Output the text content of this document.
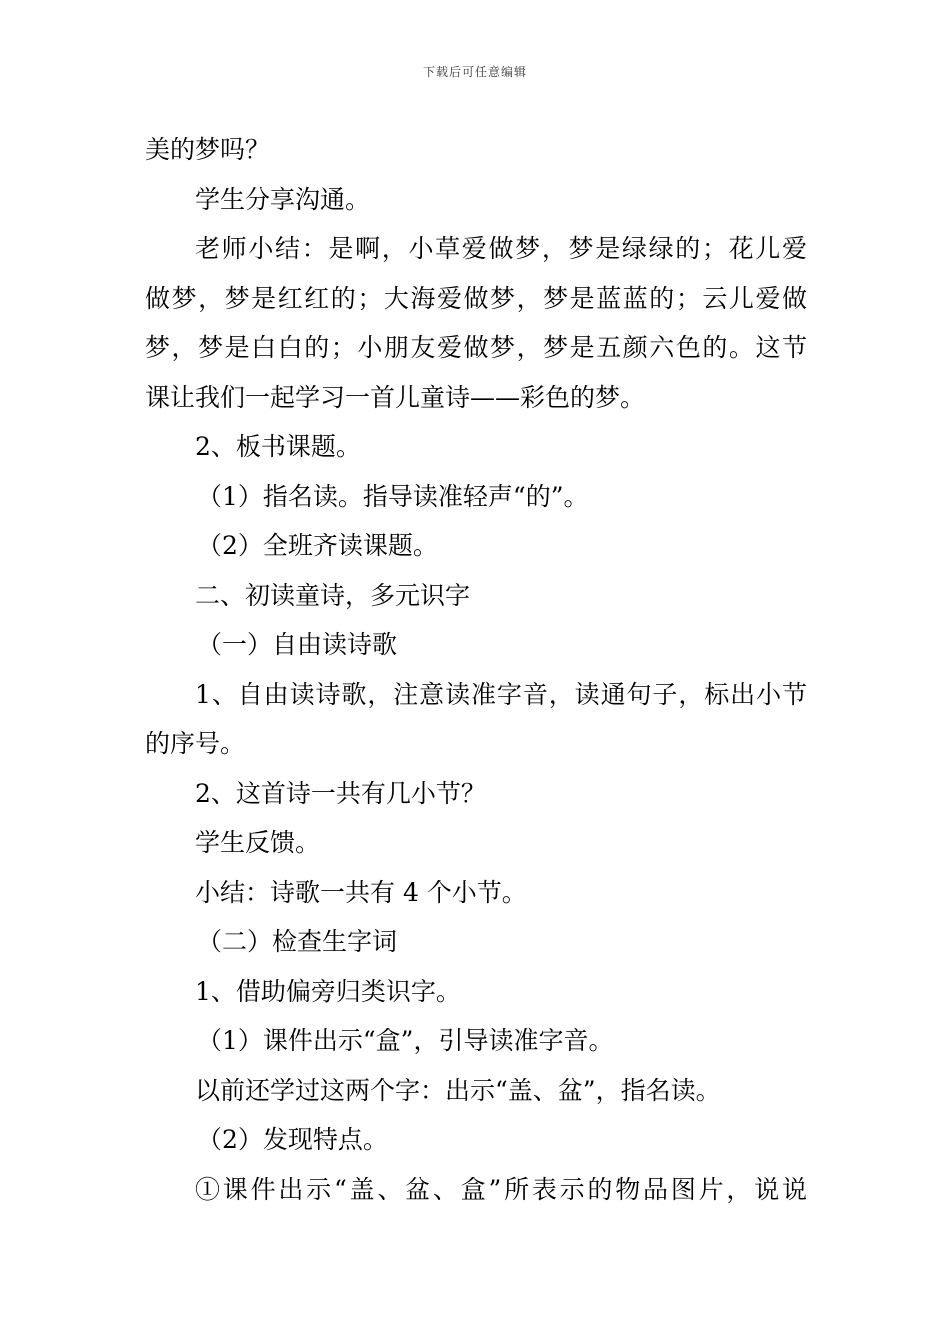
下载后可任意编辑
美的梦吗？
学生分享沟通。
老师小结：是啊，小草爱做梦，梦是绿绿的；花儿爱
做梦，梦是红红的；大海爱做梦，梦是蓝蓝的；云儿爱做
梦，梦是白白的；小朋友爱做梦，梦是五颜六色的。这节
课让我们一起学习一首儿童诗——彩色的梦。
2、板书课题。
（1）指名读。指导读准轻声“的”。
（2）全班齐读课题。
二、初读童诗，多元识字
（一）自由读诗歌
1、自由读诗歌，注意读准字音，读通句子，标出小节
的序号。
2、这首诗一共有几小节？
学生反馈。
小结：诗歌一共有 4 个小节。
（二）检查生字词
1、借助偏旁归类识字。
（1）课件出示“盒”，引导读准字音。
以前还学过这两个字：出示“盖、盆”，指名读。
（2）发现特点。
①课件出示“盖、盆、盒”所表示的物品图片，说说
